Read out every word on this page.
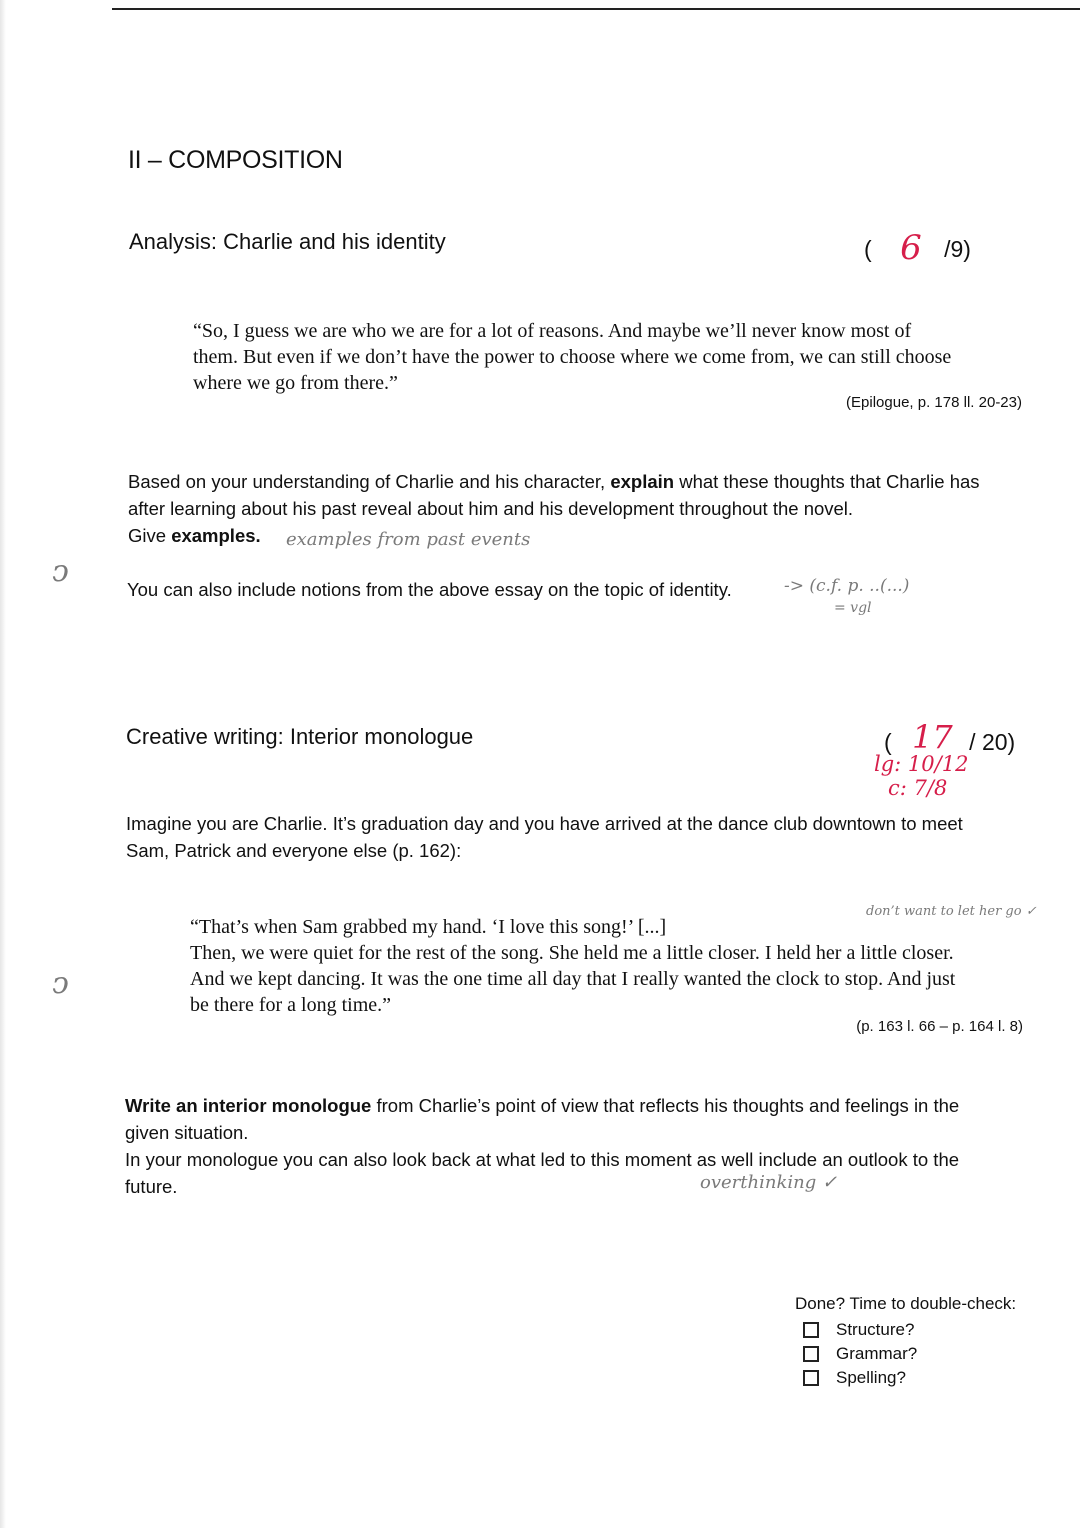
II – COMPOSITION
Analysis: Charlie and his identity	( 6 /9)
“So, I guess we are who we are for a lot of reasons. And maybe we’ll never know most of
them. But even if we don’t have the power to choose where we come from, we can still choose
where we go from there.”
(Epilogue, p. 178 ll. 20-23)
Based on your understanding of Charlie and his character, explain what these thoughts that Charlie has
after learning about his past reveal about him and his development throughout the novel.
Give examples.	examples from past events
You can also include notions from the above essay on the topic of identity.	-> (c.f. p. ..(...)
= vgl
ↄ
Creative writing: Interior monologue	( 17 / 20)
lg: 10/12
c: 7/8
Imagine you are Charlie. It’s graduation day and you have arrived at the dance club downtown to meet
Sam, Patrick and everyone else (p. 162):
don’t want to let her go ✓
“That’s when Sam grabbed my hand. ‘I love this song!’ [...]
Then, we were quiet for the rest of the song. She held me a little closer. I held her a little closer.
And we kept dancing. It was the one time all day that I really wanted the clock to stop. And just
be there for a long time.”
(p. 163 l. 66 – p. 164 l. 8)
ↄ
Write an interior monologue from Charlie’s point of view that reflects his thoughts and feelings in the
given situation.
In your monologue you can also look back at what led to this moment as well include an outlook to the
future.	overthinking ✓
Done? Time to double-check:
Structure?
Grammar?
Spelling?
